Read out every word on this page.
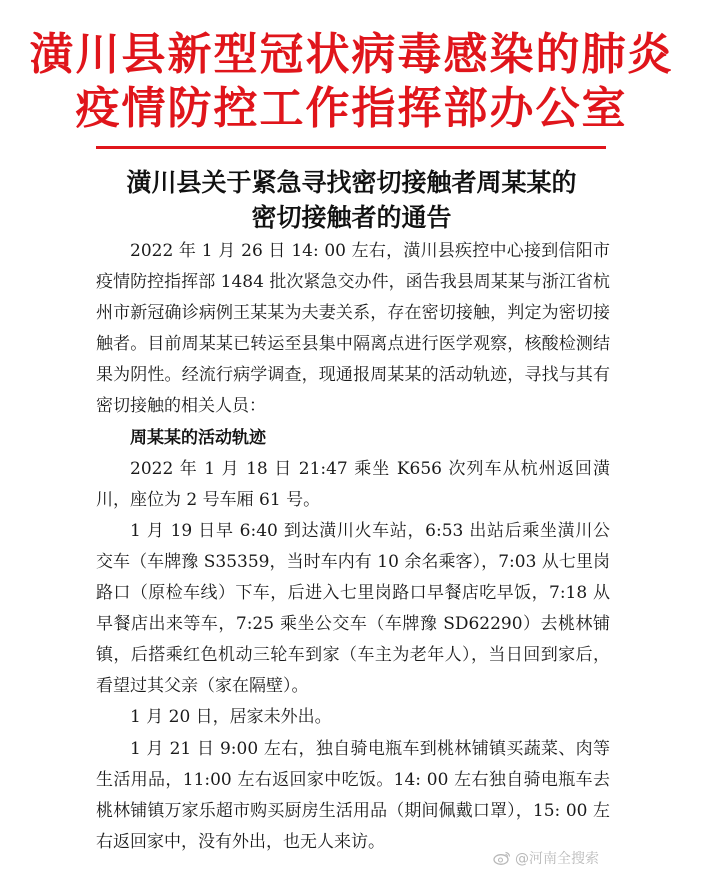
潢川县新型冠状病毒感染的肺炎
疫情防控工作指挥部办公室
潢川县关于紧急寻找密切接触者周某某的
密切接触者的通告

2022 年 1 月 26 日 14: 00 左右，潢川县疾控中心接到信阳市疫情防控指挥部 1484 批次紧急交办件，函告我县周某某与浙江省杭州市新冠确诊病例王某某为夫妻关系，存在密切接触，判定为密切接触者。目前周某某已转运至县集中隔离点进行医学观察，核酸检测结果为阴性。经流行病学调查，现通报周某某的活动轨迹，寻找与其有密切接触的相关人员：

周某某的活动轨迹

2022 年 1 月 18 日 21:47 乘坐 K656 次列车从杭州返回潢川，座位为 2 号车厢 61 号。

1 月 19 日早 6:40 到达潢川火车站，6:53 出站后乘坐潢川公交车（车牌豫 S35359，当时车内有 10 余名乘客），7:03 从七里岗路口（原检车线）下车，后进入七里岗路口早餐店吃早饭，7:18 从早餐店出来等车，7:25 乘坐公交车（车牌豫 SD62290）去桃林铺镇，后搭乘红色机动三轮车到家（车主为老年人），当日回到家后，看望过其父亲（家在隔壁）。

1 月 20 日，居家未外出。

1 月 21 日 9:00 左右，独自骑电瓶车到桃林铺镇买蔬菜、肉等生活用品，11:00 左右返回家中吃饭。14: 00 左右独自骑电瓶车去桃林铺镇万家乐超市购买厨房生活用品（期间佩戴口罩），15: 00 左右返回家中，没有外出，也无人来访。

@河南全搜索
